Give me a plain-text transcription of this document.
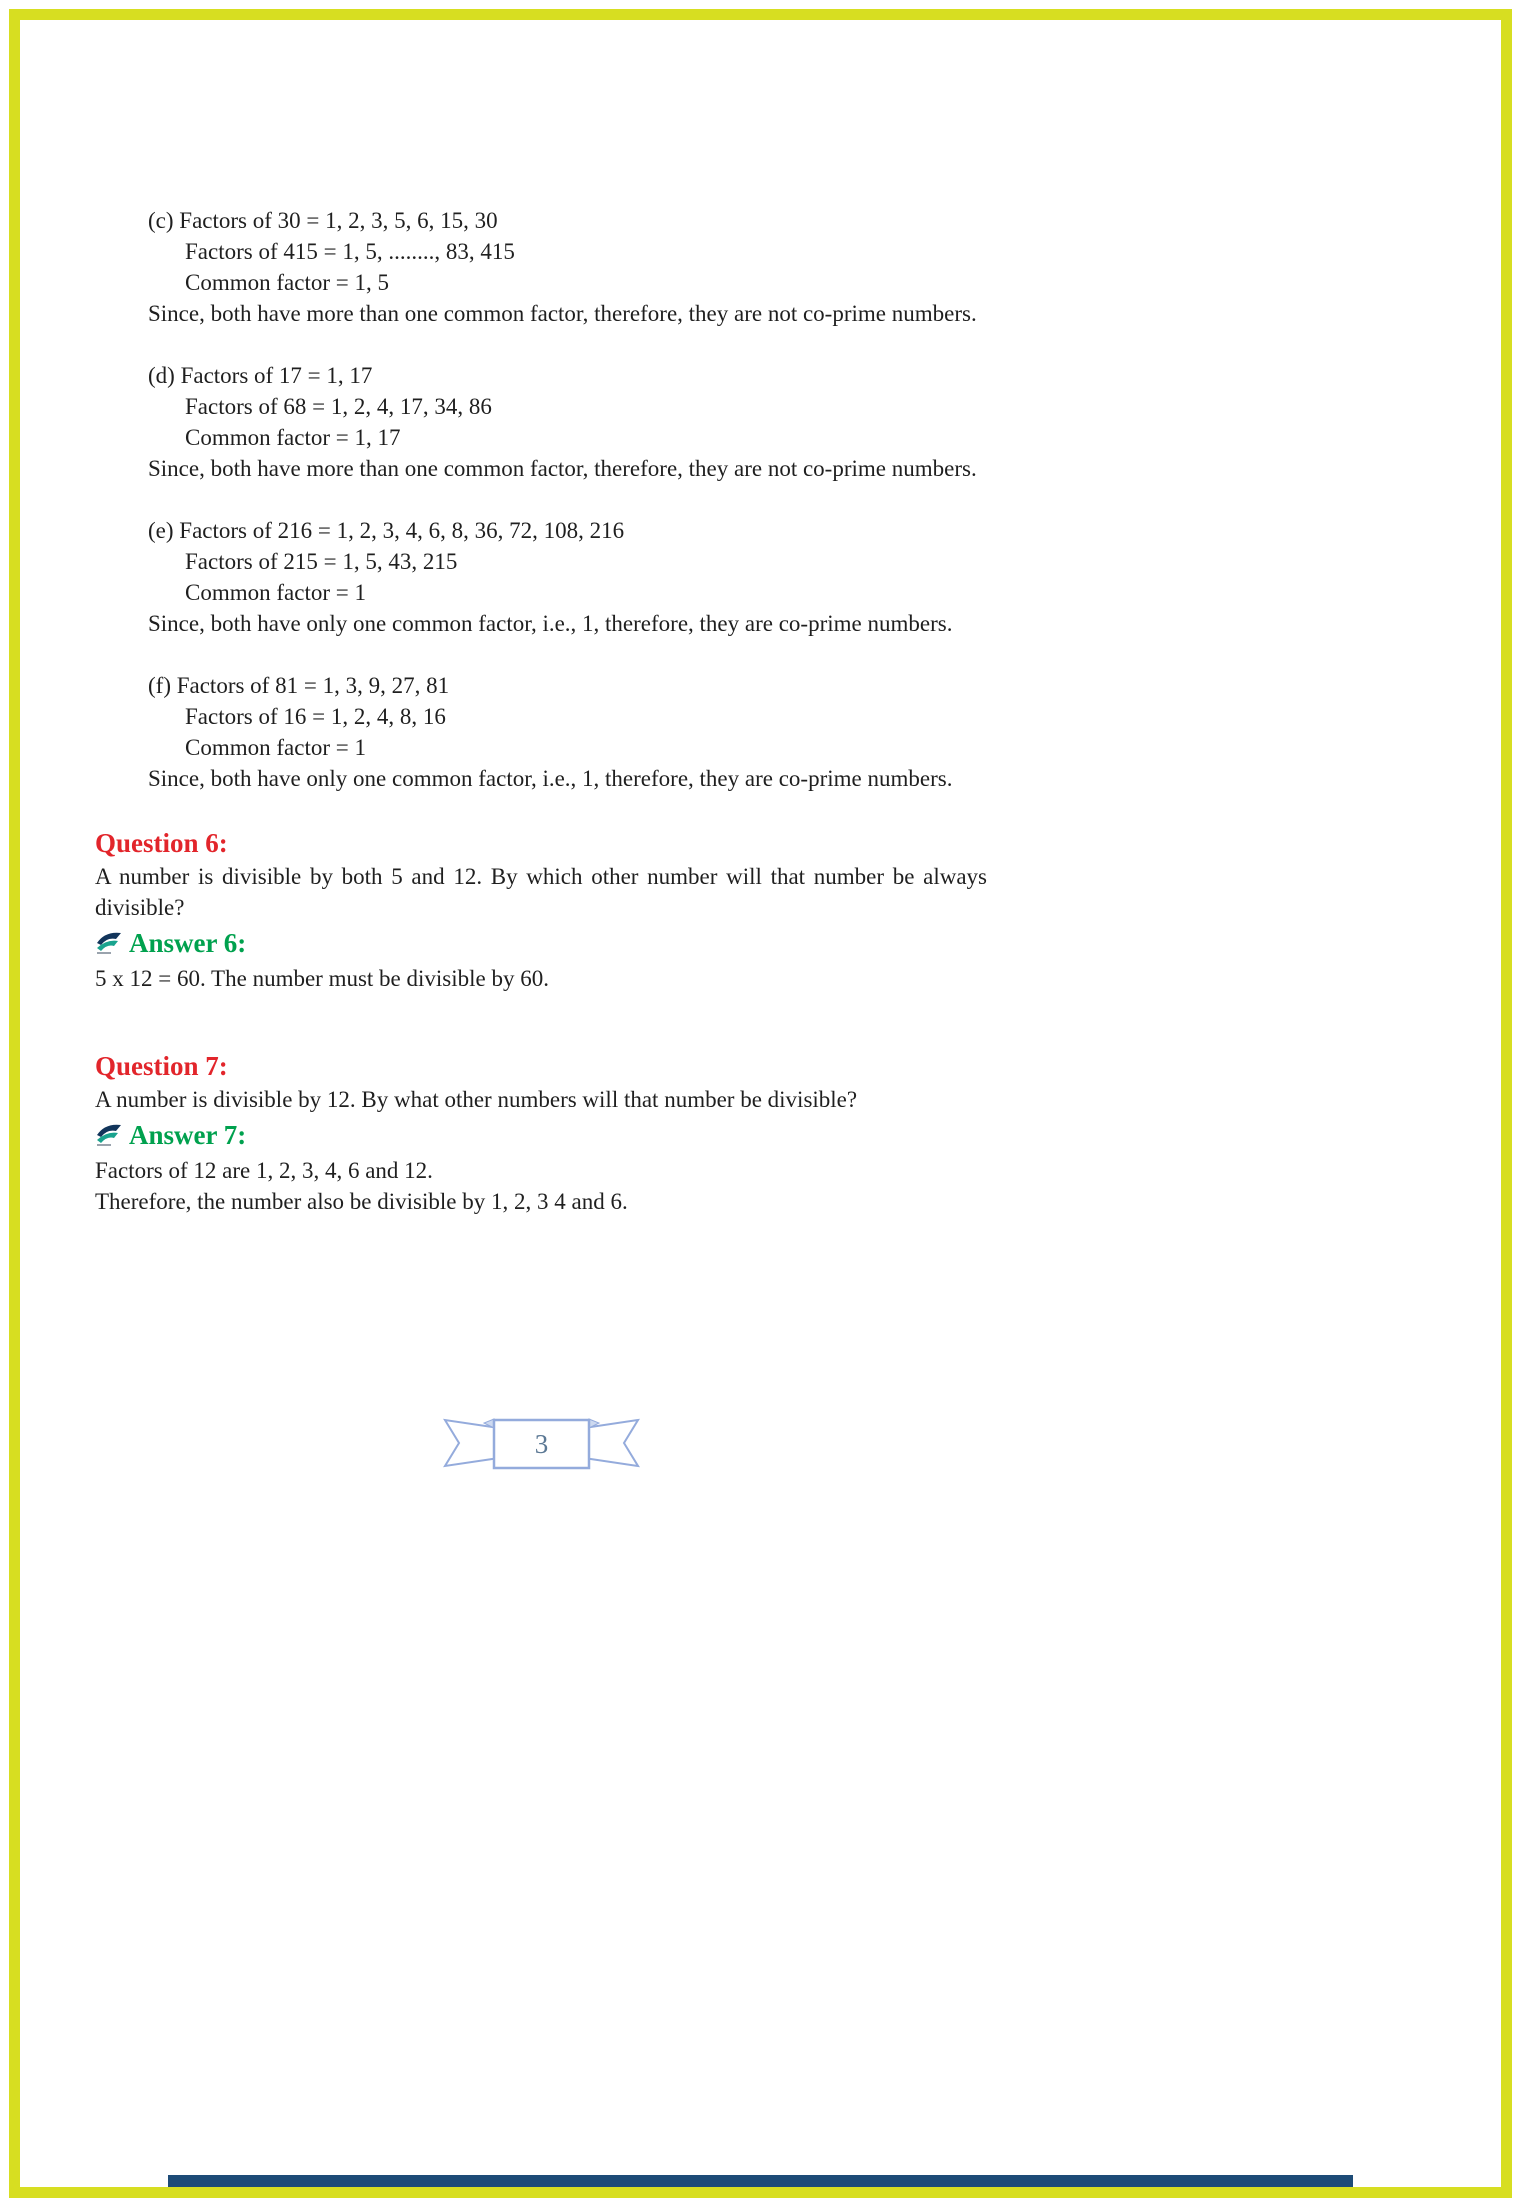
(c) Factors of 30 = 1, 2, 3, 5, 6, 15, 30
Factors of 415 = 1, 5, ........, 83, 415
Common factor = 1, 5

Since, both have more than one common factor, therefore, they are not co-prime numbers.

(d) Factors of 17 = 1, 17
Factors of 68 = 1, 2, 4, 17, 34, 86
Common factor = 1, 17

Since, both have more than one common factor, therefore, they are not co-prime numbers.

(e) Factors of 216 = 1, 2, 3, 4, 6, 8, 36, 72, 108, 216
Factors of 215 = 1, 5, 43, 215
Common factor = 1

Since, both have only one common factor, i.e., 1, therefore, they are co-prime numbers.

(f) Factors of 81 = 1, 3, 9, 27, 81
Factors of 16 = 1, 2, 4, 8, 16
Common factor = 1

Since, both have only one common factor, i.e., 1, therefore, they are co-prime numbers.

Question 6:

A number is divisible by both 5 and 12. By which other number will that number be always divisible?

Answer 6:

5 x 12 = 60. The number must be divisible by 60.

Question 7:

A number is divisible by 12. By what other numbers will that number be divisible?

Answer 7:

Factors of 12 are 1, 2, 3, 4, 6 and 12.

Therefore, the number also be divisible by 1, 2, 3 4 and 6.

3
